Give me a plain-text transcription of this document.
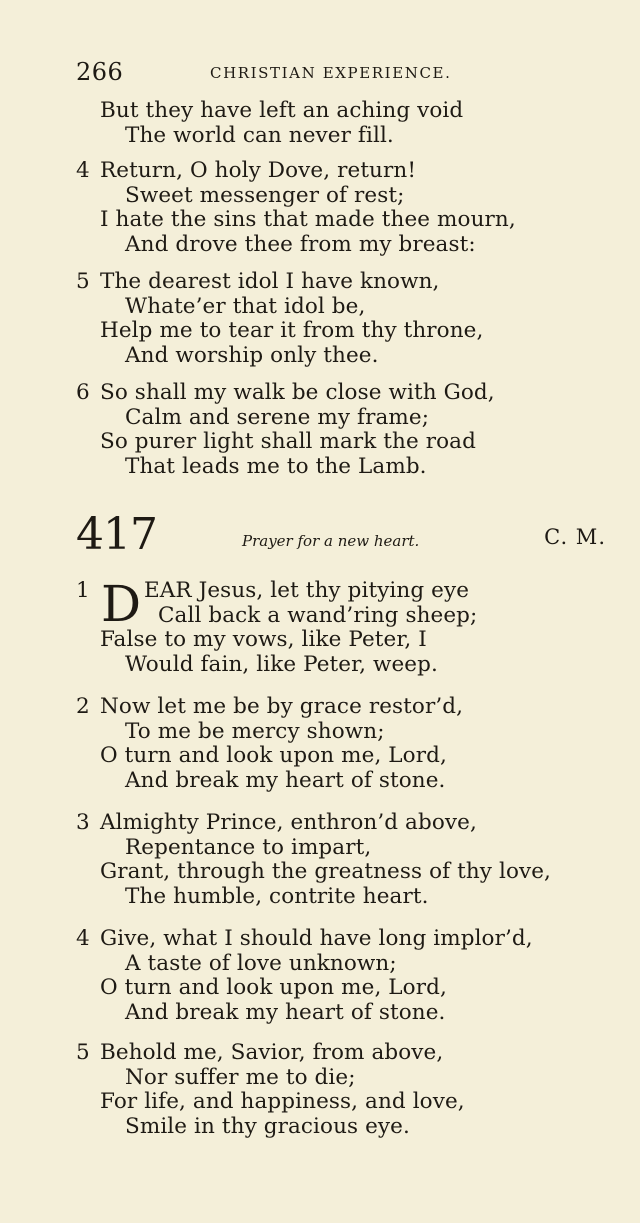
266	CHRISTIAN EXPERIENCE.
But they have left an aching void
The world can never fill.
4 Return, O holy Dove, return!
Sweet messenger of rest;
I hate the sins that made thee mourn,
And drove thee from my breast:
5 The dearest idol I have known,
Whate’er that idol be,
Help me to tear it from thy throne,
And worship only thee.
6 So shall my walk be close with God,
Calm and serene my frame;
So purer light shall mark the road
That leads me to the Lamb.
417	Prayer for a new heart.	C. M.
D
1	EAR Jesus, let thy pitying eye
Call back a wand’ring sheep;
False to my vows, like Peter, I
Would fain, like Peter, weep.
2 Now let me be by grace restor’d,
To me be mercy shown;
O turn and look upon me, Lord,
And break my heart of stone.
3 Almighty Prince, enthron’d above,
Repentance to impart,
Grant, through the greatness of thy love,
The humble, contrite heart.
4 Give, what I should have long implor’d,
A taste of love unknown;
O turn and look upon me, Lord,
And break my heart of stone.
5 Behold me, Savior, from above,
Nor suffer me to die;
For life, and happiness, and love,
Smile in thy gracious eye.
